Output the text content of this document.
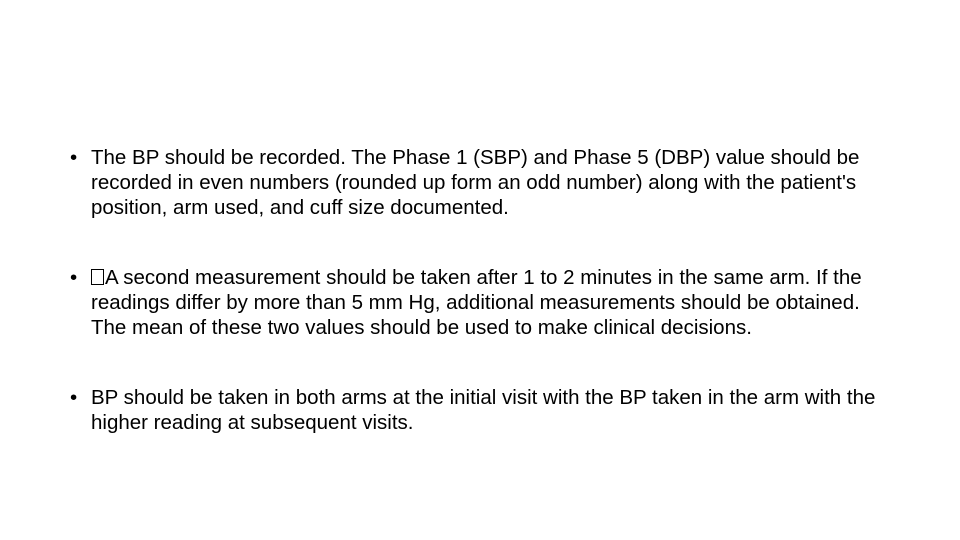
• The BP should be recorded. The Phase 1 (SBP) and Phase 5 (DBP) value should be recorded in even numbers (rounded up form an odd number) along with the patient's position, arm used, and cuff size documented.
•	A second measurement should be taken after 1 to 2 minutes in the same arm. If the readings differ by more than 5 mm Hg, additional measurements should be obtained. The mean of these two values should be used to make clinical decisions.
• BP should be taken in both arms at the initial visit with the BP taken in the arm with the higher reading at subsequent visits.
